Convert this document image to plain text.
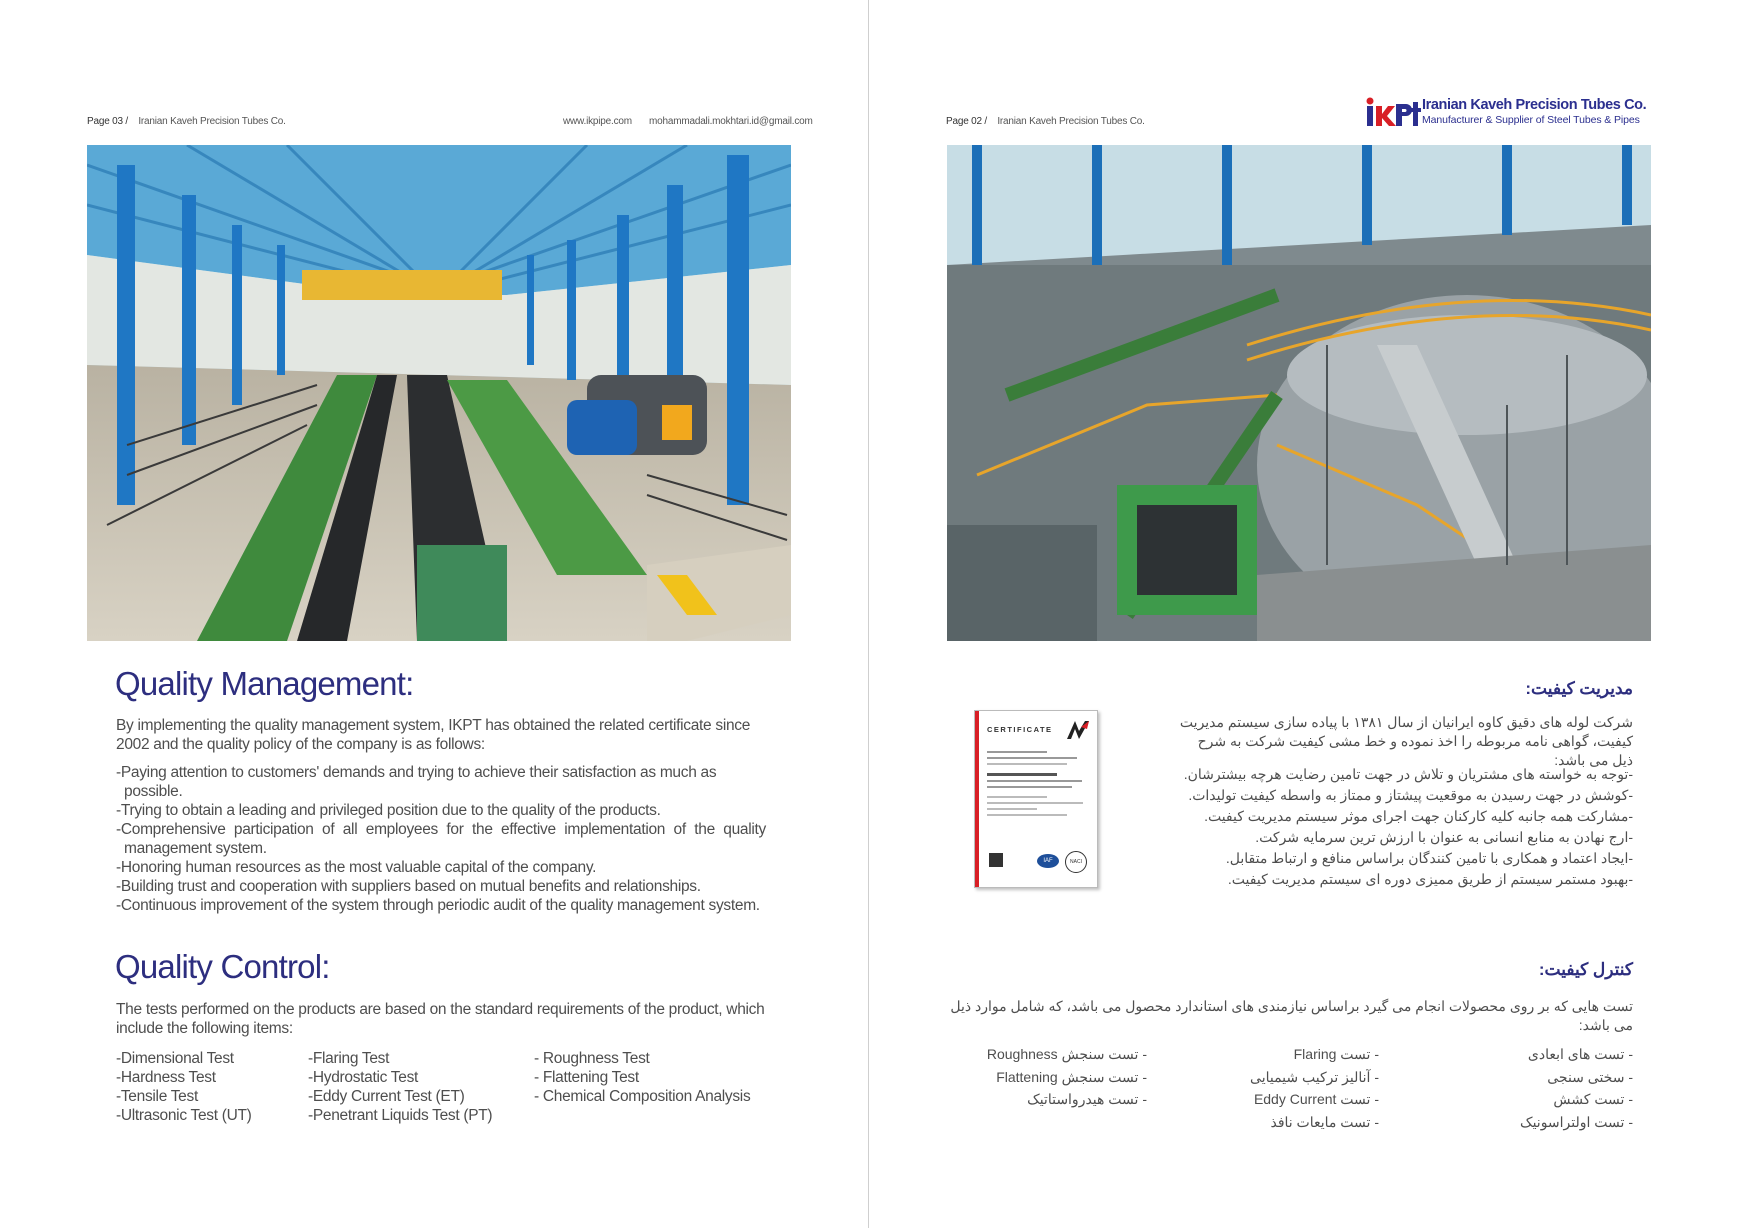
Page 03 / Iranian Kaveh Precision Tubes Co.	www.ikpipe.com mohammadali.mokhtari.id@gmail.com
Quality Management:
By implementing the quality management system, IKPT has obtained the related certificate since 2002 and the quality policy of the company is as follows:
-Paying attention to customers' demands and trying to achieve their satisfaction as much as possible.
-Trying to obtain a leading and privileged position due to the quality of the products.
-Comprehensive participation of all employees for the effective implementation of the quality management system.
-Honoring human resources as the most valuable capital of the company.
-Building trust and cooperation with suppliers based on mutual benefits and relationships.
-Continuous improvement of the system through periodic audit of the quality management system.
Quality Control:
The tests performed on the products are based on the standard requirements of the product, which include the following items:
-Dimensional Test
-Hardness Test
-Tensile Test
-Ultrasonic Test (UT)
-Flaring Test
-Hydrostatic Test
-Eddy Current Test (ET)
-Penetrant Liquids Test (PT)
- Roughness Test
- Flattening Test
- Chemical Composition Analysis
Page 02 / Iranian Kaveh Precision Tubes Co.
Iranian Kaveh Precision Tubes Co.
Manufacturer & Supplier of Steel Tubes & Pipes
مدیریت کیفیت:
شرکت لوله های دقیق کاوه ایرانیان از سال ۱۳۸۱ با پیاده سازی سیستم مدیریت کیفیت، گواهی نامه مربوطه را اخذ نموده و خط مشی کیفیت شرکت به شرح ذیل می باشد:
-توجه به خواسته های مشتریان و تلاش در جهت تامین رضایت هرچه بیشترشان.
-کوشش در جهت رسیدن به موقعیت پیشتاز و ممتاز به واسطه کیفیت تولیدات.
-مشارکت همه جانبه کلیه کارکنان جهت اجرای موثر سیستم مدیریت کیفیت.
-ارج نهادن به منابع انسانی به عنوان با ارزش ترین سرمایه شرکت.
-ایجاد اعتماد و همکاری با تامین کنندگان براساس منافع و ارتباط متقابل.
-بهبود مستمر سیستم از طریق ممیزی دوره ای سیستم مدیریت کیفیت.
کنترل کیفیت:
تست هایی که بر روی محصولات انجام می گیرد براساس نیازمندی های استاندارد محصول می باشد، که شامل موارد ذیل می باشد:
- تست های ابعادی
- سختی سنجی
- تست کشش
- تست اولتراسونیک
- تست Flaring
- آنالیز ترکیب شیمیایی
- تست Eddy Current
- تست مایعات نافذ
- تست سنجش Roughness
- تست سنجش Flattening
- تست هیدرواستاتیک
CERTIFICATE
IAF	NACI
